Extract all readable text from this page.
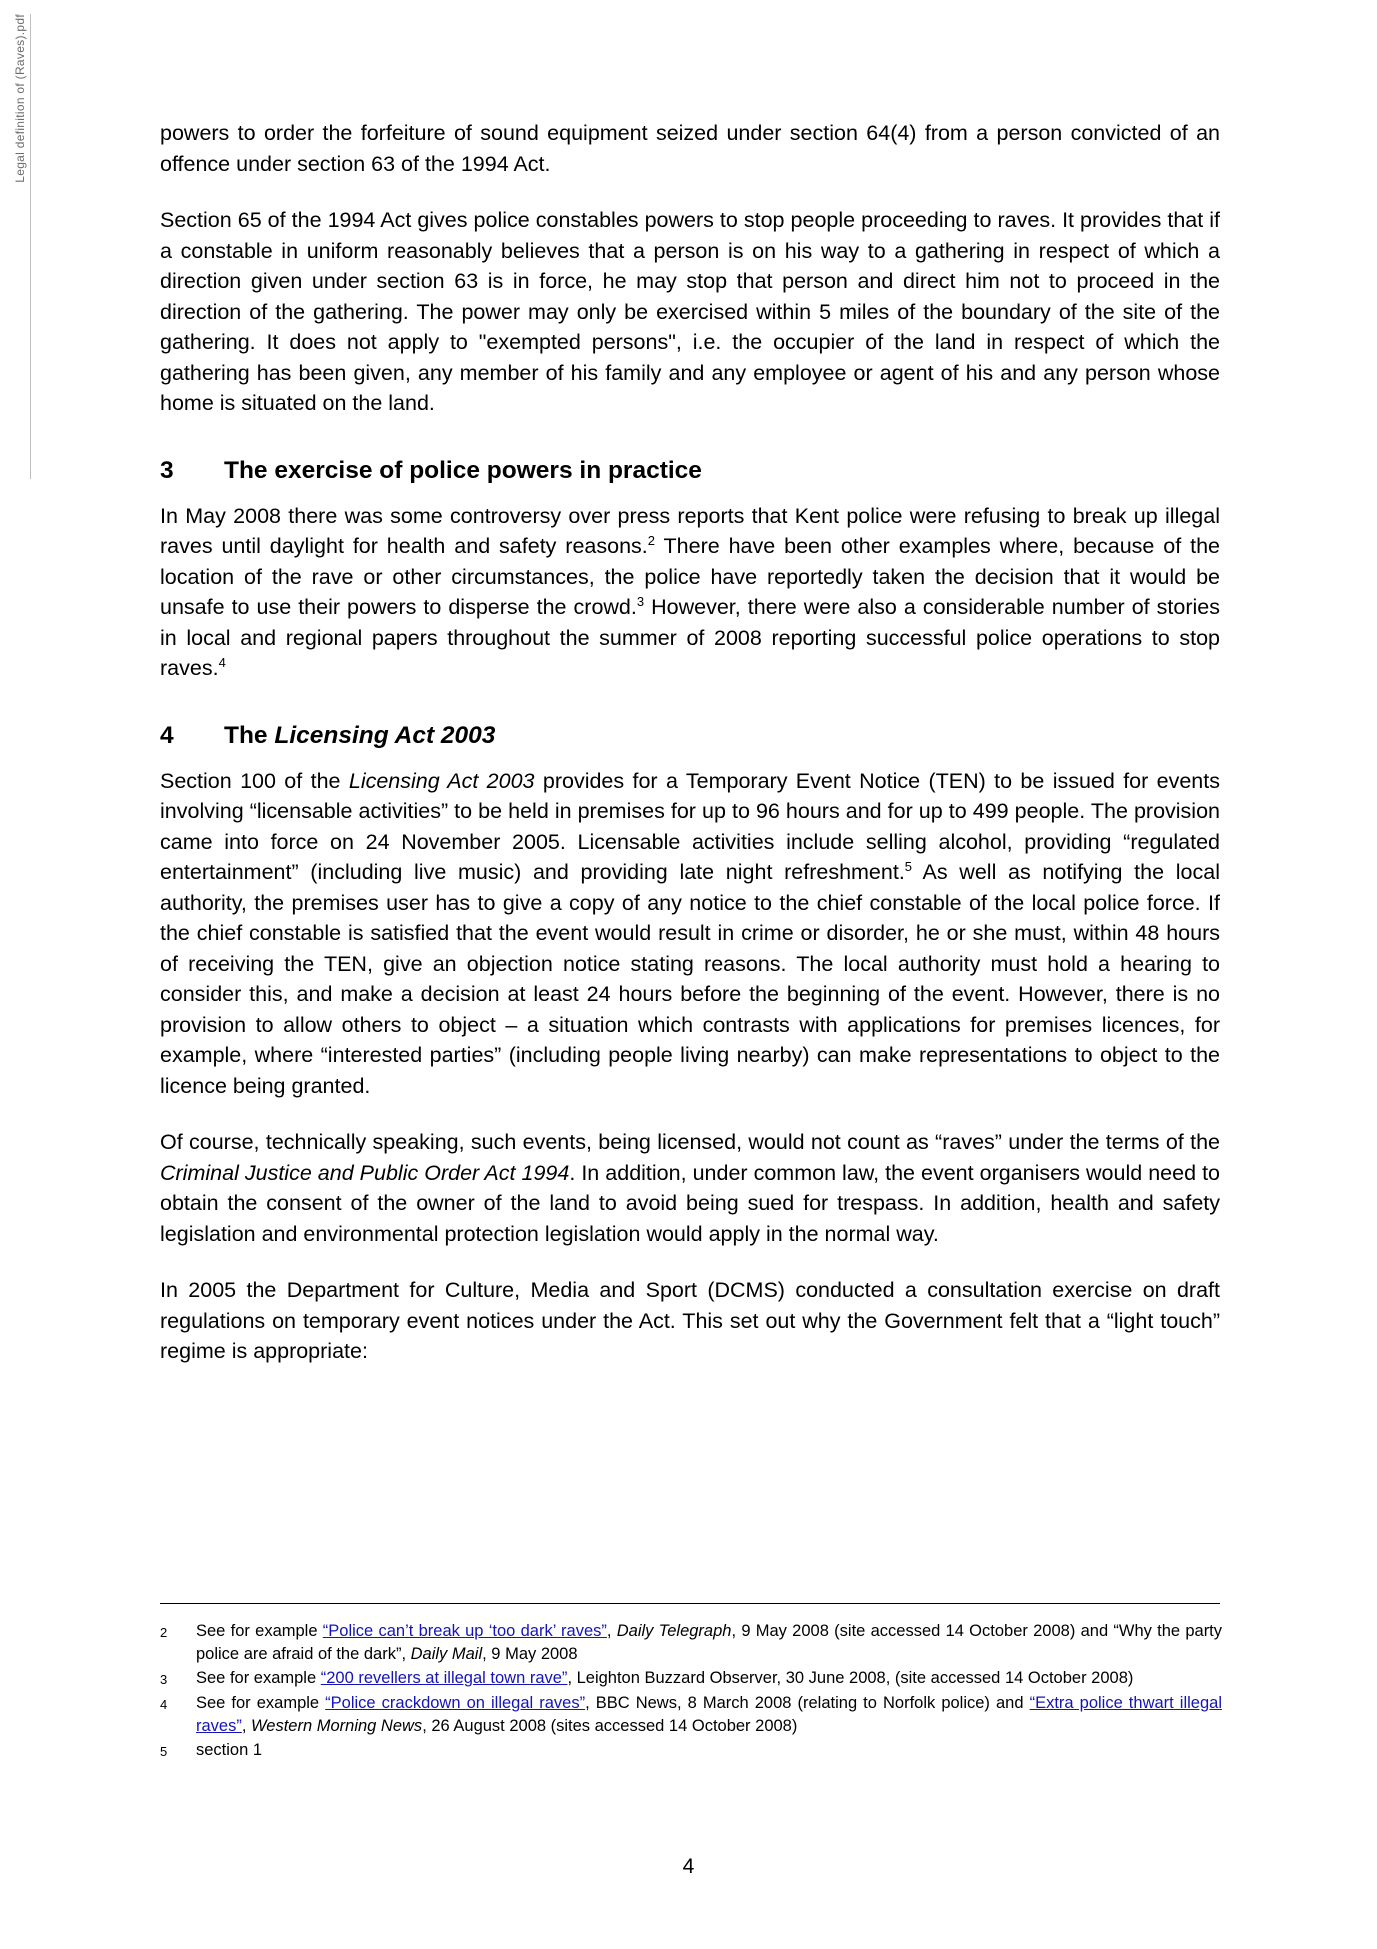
Legal definition of (Raves).pdf	powers to order the forfeiture of sound equipment seized under section 64(4) from a person convicted of an offence under section 63 of the 1994 Act.

Section 65 of the 1994 Act gives police constables powers to stop people proceeding to raves. It provides that if a constable in uniform reasonably believes that a person is on his way to a gathering in respect of which a direction given under section 63 is in force, he may stop that person and direct him not to proceed in the direction of the gathering. The power may only be exercised within 5 miles of the boundary of the site of the gathering. It does not apply to "exempted persons", i.e. the occupier of the land in respect of which the gathering has been given, any member of his family and any employee or agent of his and any person whose home is situated on the land.

3	The exercise of police powers in practice

In May 2008 there was some controversy over press reports that Kent police were refusing to break up illegal raves until daylight for health and safety reasons.$^2$ There have been other examples where, because of the location of the rave or other circumstances, the police have reportedly taken the decision that it would be unsafe to use their powers to disperse the crowd.$^3$ However, there were also a considerable number of stories in local and regional papers throughout the summer of 2008 reporting successful police operations to stop raves.$^4$

4	The Licensing Act 2003

Section 100 of the Licensing Act 2003 provides for a Temporary Event Notice (TEN) to be issued for events involving “licensable activities” to be held in premises for up to 96 hours and for up to 499 people. The provision came into force on 24 November 2005. Licensable activities include selling alcohol, providing “regulated entertainment” (including live music) and providing late night refreshment.$^5$ As well as notifying the local authority, the premises user has to give a copy of any notice to the chief constable of the local police force. If the chief constable is satisfied that the event would result in crime or disorder, he or she must, within 48 hours of receiving the TEN, give an objection notice stating reasons. The local authority must hold a hearing to consider this, and make a decision at least 24 hours before the beginning of the event. However, there is no provision to allow others to object – a situation which contrasts with applications for premises licences, for example, where “interested parties” (including people living nearby) can make representations to object to the licence being granted.

Of course, technically speaking, such events, being licensed, would not count as “raves” under the terms of the Criminal Justice and Public Order Act 1994. In addition, under common law, the event organisers would need to obtain the consent of the owner of the land to avoid being sued for trespass. In addition, health and safety legislation and environmental protection legislation would apply in the normal way.

In 2005 the Department for Culture, Media and Sport (DCMS) conducted a consultation exercise on draft regulations on temporary event notices under the Act. This set out why the Government felt that a “light touch” regime is appropriate:

2	See for example “Police can’t break up ‘too dark’ raves”, Daily Telegraph, 9 May 2008 (site accessed 14 October 2008) and “Why the party police are afraid of the dark”, Daily Mail, 9 May 2008
3	See for example “200 revellers at illegal town rave”, Leighton Buzzard Observer, 30 June 2008, (site accessed 14 October 2008)
4	See for example “Police crackdown on illegal raves”, BBC News, 8 March 2008 (relating to Norfolk police) and “Extra police thwart illegal raves”, Western Morning News, 26 August 2008 (sites accessed 14 October 2008)
5	section 1
4
